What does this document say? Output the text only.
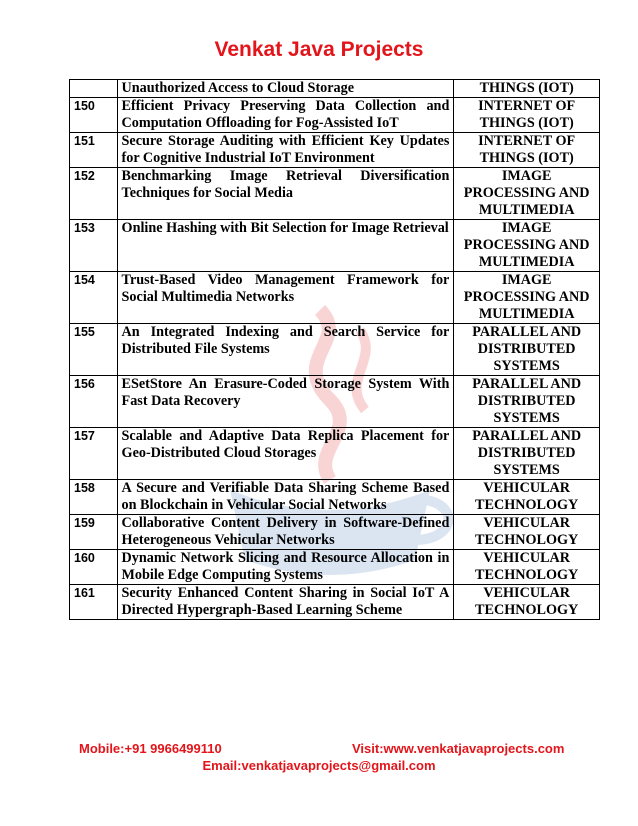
Venkat Java Projects
	Unauthorized Access to Cloud Storage	THINGS (IOT)
150	Efficient Privacy Preserving Data Collection and Computation Offloading for Fog-Assisted IoT	INTERNET OF THINGS (IOT)
151	Secure Storage Auditing with Efficient Key Updates for Cognitive Industrial IoT Environment	INTERNET OF THINGS (IOT)
152	Benchmarking Image Retrieval Diversification Techniques for Social Media	IMAGE PROCESSING AND MULTIMEDIA
153	Online Hashing with Bit Selection for Image Retrieval	IMAGE PROCESSING AND MULTIMEDIA
154	Trust-Based Video Management Framework for Social Multimedia Networks	IMAGE PROCESSING AND MULTIMEDIA
155	An Integrated Indexing and Search Service for Distributed File Systems	PARALLEL AND DISTRIBUTED SYSTEMS
156	ESetStore An Erasure-Coded Storage System With Fast Data Recovery	PARALLEL AND DISTRIBUTED SYSTEMS
157	Scalable and Adaptive Data Replica Placement for Geo-Distributed Cloud Storages	PARALLEL AND DISTRIBUTED SYSTEMS
158	A Secure and Verifiable Data Sharing Scheme Based on Blockchain in Vehicular Social Networks	VEHICULAR TECHNOLOGY
159	Collaborative Content Delivery in Software-Defined Heterogeneous Vehicular Networks	VEHICULAR TECHNOLOGY
160	Dynamic Network Slicing and Resource Allocation in Mobile Edge Computing Systems	VEHICULAR TECHNOLOGY
161	Security Enhanced Content Sharing in Social IoT A Directed Hypergraph-Based Learning Scheme	VEHICULAR TECHNOLOGY
Mobile:+91 9966499110	Visit:www.venkatjavaprojects.com
Email:venkatjavaprojects@gmail.com
